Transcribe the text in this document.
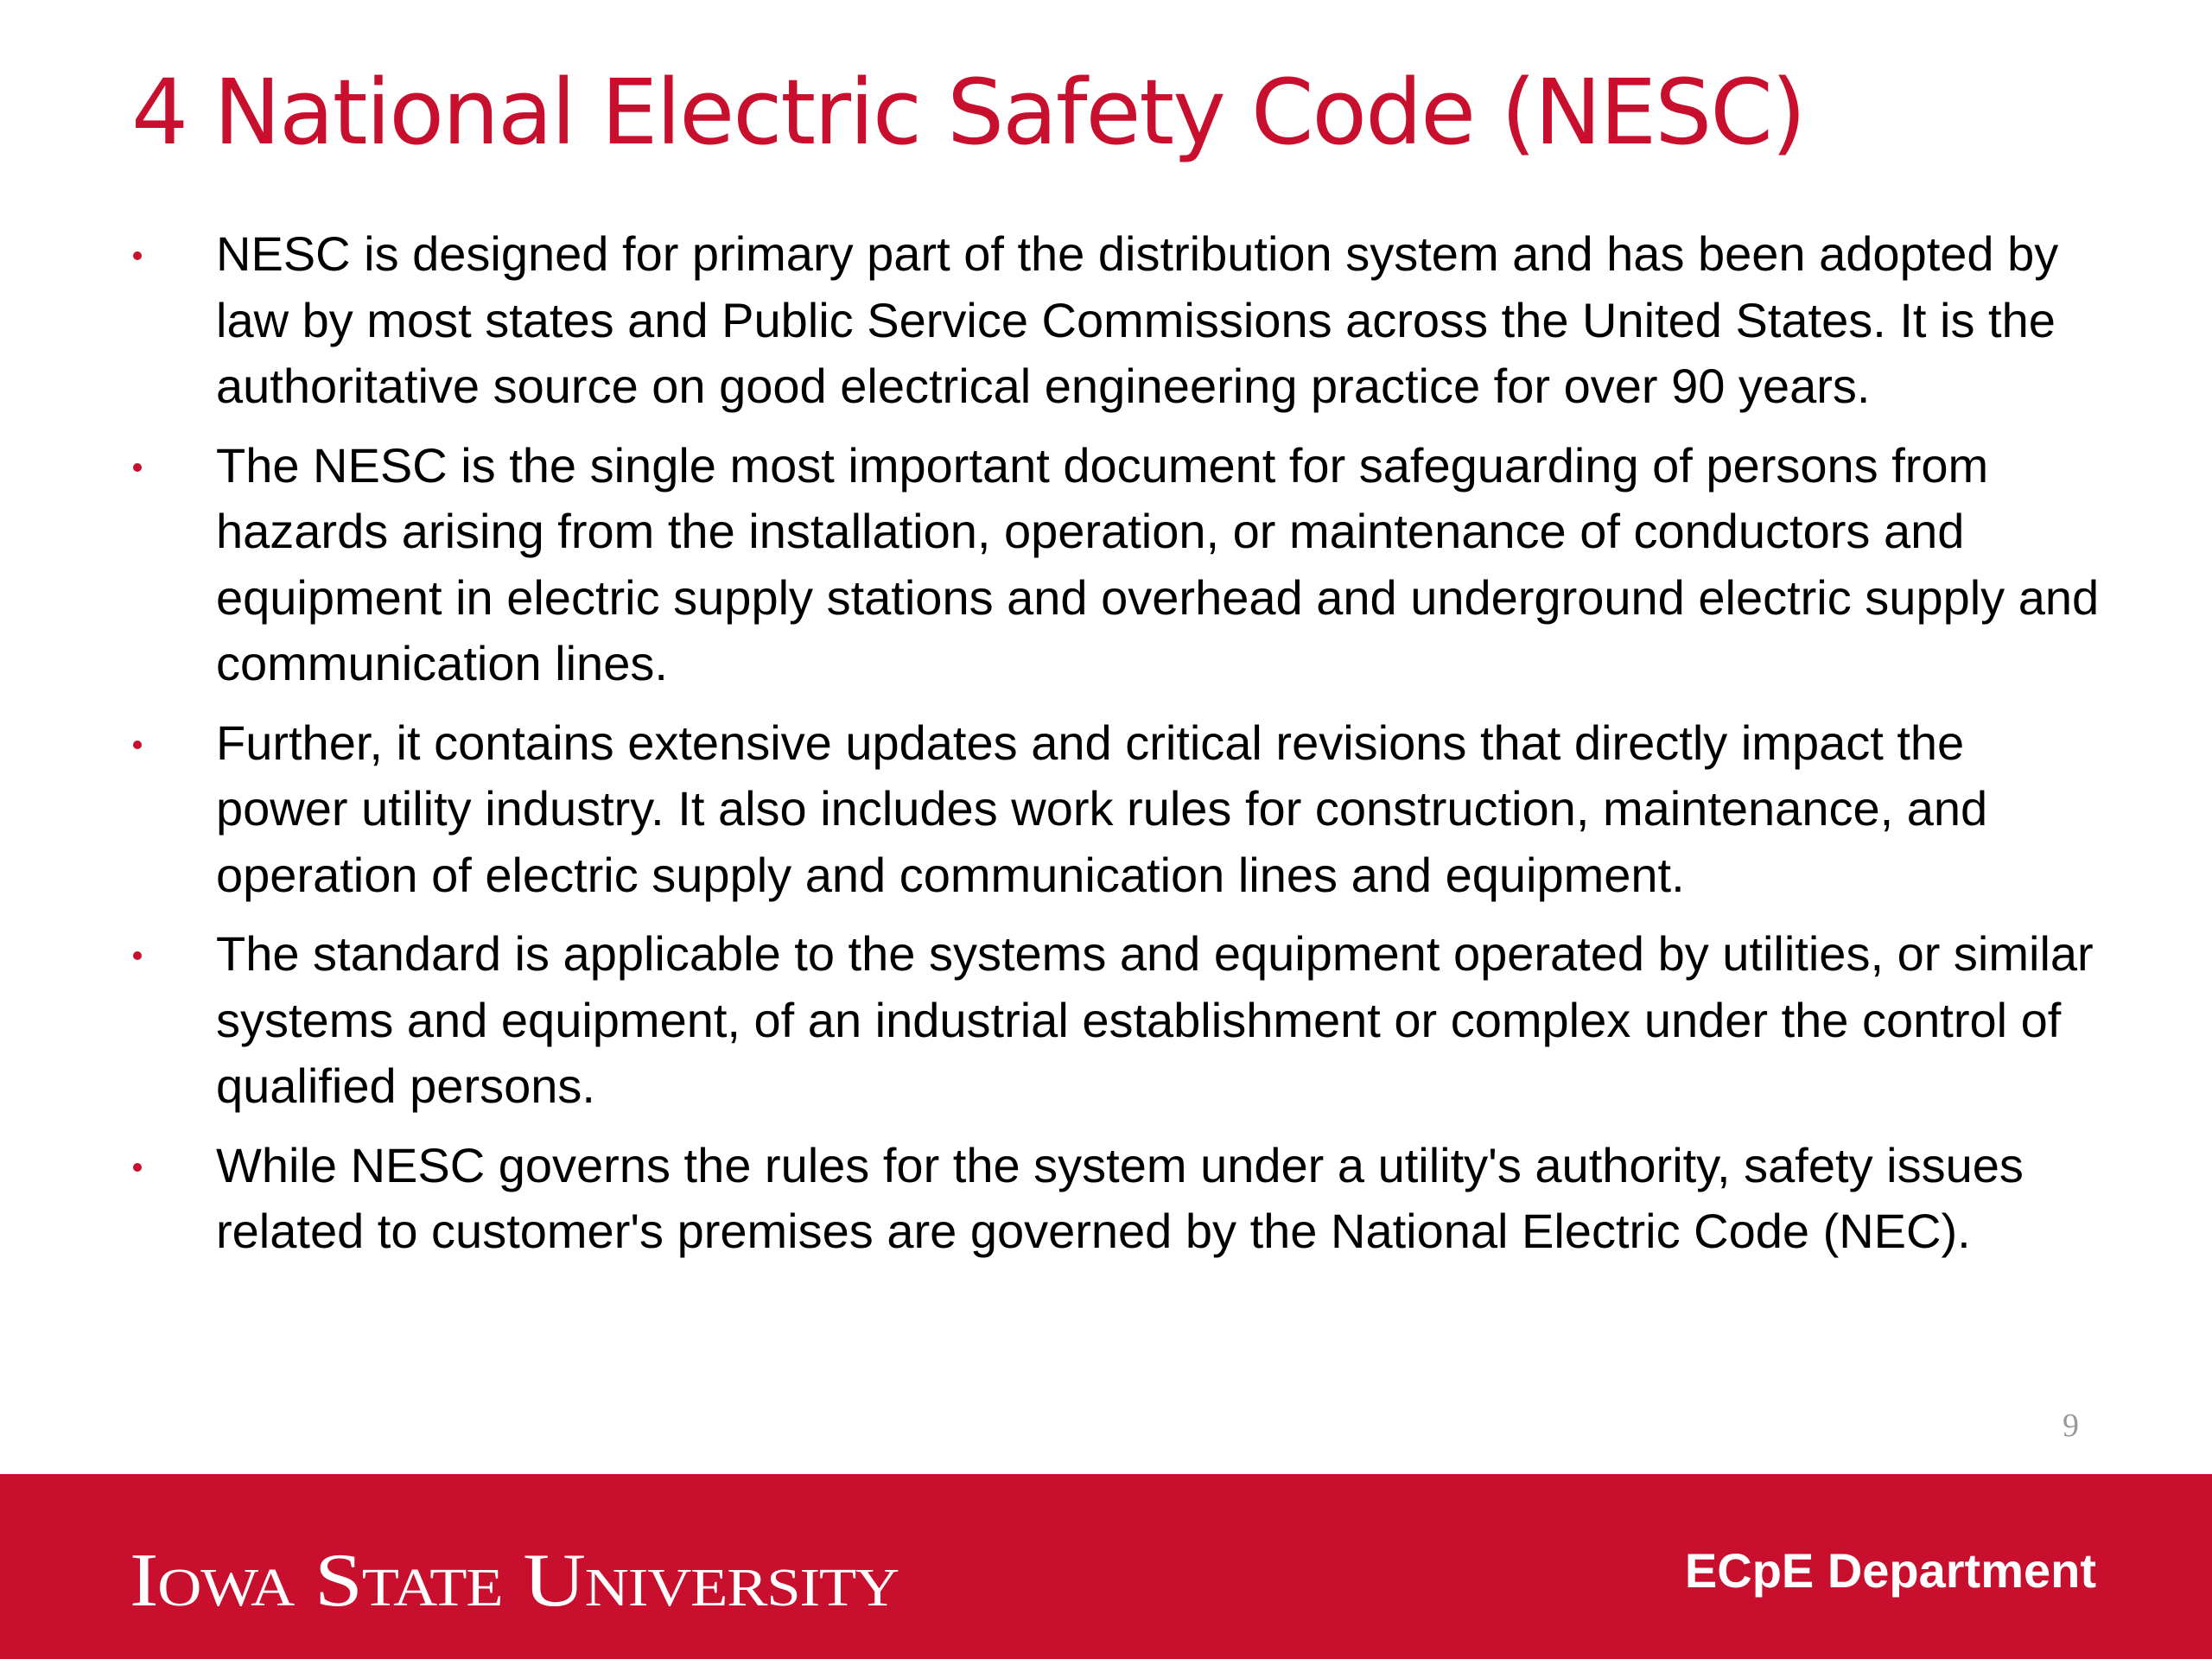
4 National Electric Safety Code (NESC)
NESC is designed for primary part of the distribution system and has been adopted by law by most states and Public Service Commissions across the United States. It is the authoritative source on good electrical engineering practice for over 90 years.
The NESC is the single most important document for safeguarding of persons from hazards arising from the installation, operation, or maintenance of conductors and equipment in electric supply stations and overhead and underground electric supply and communication lines.
Further, it contains extensive updates and critical revisions that directly impact the power utility industry. It also includes work rules for construction, maintenance, and operation of electric supply and communication lines and equipment.
The standard is applicable to the systems and equipment operated by utilities, or similar systems and equipment, of an industrial establishment or complex under the control of qualified persons.
While NESC governs the rules for the system under a utility's authority, safety issues related to customer's premises are governed by the National Electric Code (NEC).
9
Iowa State University	ECpE Department
